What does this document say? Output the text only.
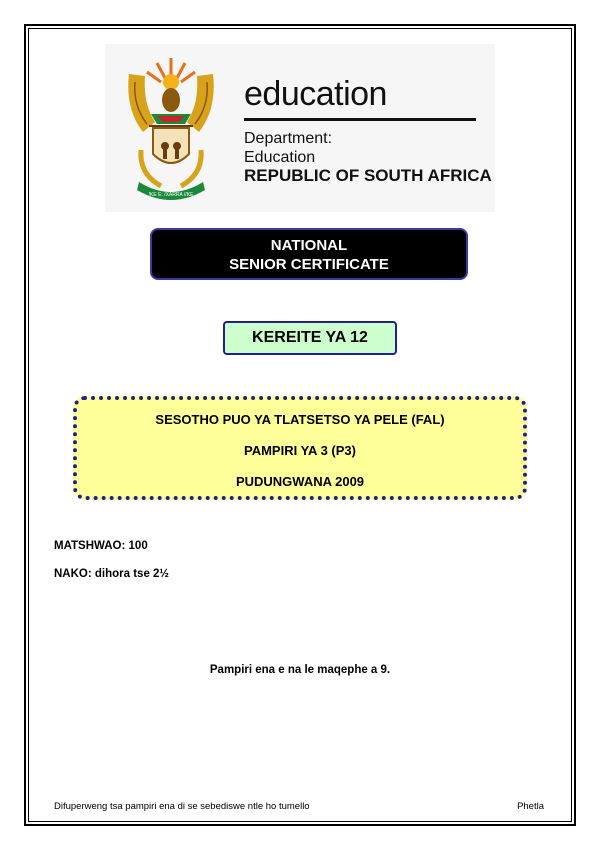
!KE E: /XARRA //KE
education
Department:
Education
REPUBLIC OF SOUTH AFRICA
NATIONAL
SENIOR CERTIFICATE
KEREITE YA 12
SESOTHO PUO YA TLATSETSO YA PELE (FAL)
PAMPIRI YA 3 (P3)
PUDUNGWANA 2009
MATSHWAO: 100
NAKO: dihora tse 2½
Pampiri ena e na le maqephe a 9.
Difuperweng tsa pampiri ena di se sebediswe ntle ho tumello	Phetla
